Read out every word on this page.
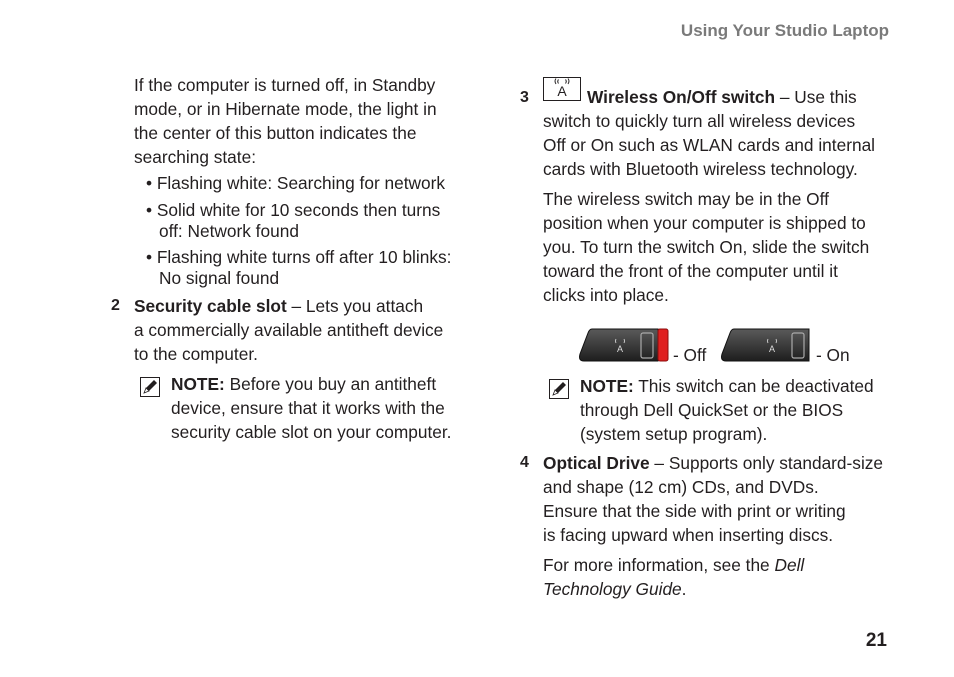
Using Your Studio Laptop
If the computer is turned off, in Standby
mode, or in Hibernate mode, the light in
the center of this button indicates the
searching state:
• Flashing white: Searching for network
• Solid white for 10 seconds then turns
off: Network found
• Flashing white turns off after 10 blinks:
No signal found
2 Security cable slot – Lets you attach
a commercially available antitheft device
to the computer.
NOTE: Before you buy an antitheft
device, ensure that it works with the
security cable slot on your computer.
3 A Wireless On/Off switch – Use this
switch to quickly turn all wireless devices
Off or On such as WLAN cards and internal
cards with Bluetooth wireless technology.
The wireless switch may be in the Off
position when your computer is shipped to
you. To turn the switch On, slide the switch
toward the front of the computer until it
clicks into place.
A	- Off	A - On
NOTE: This switch can be deactivated
through Dell QuickSet or the BIOS
(system setup program).
4 Optical Drive – Supports only standard-size
and shape (12 cm) CDs, and DVDs.
Ensure that the side with print or writing
is facing upward when inserting discs.
For more information, see the Dell
Technology Guide.
21
